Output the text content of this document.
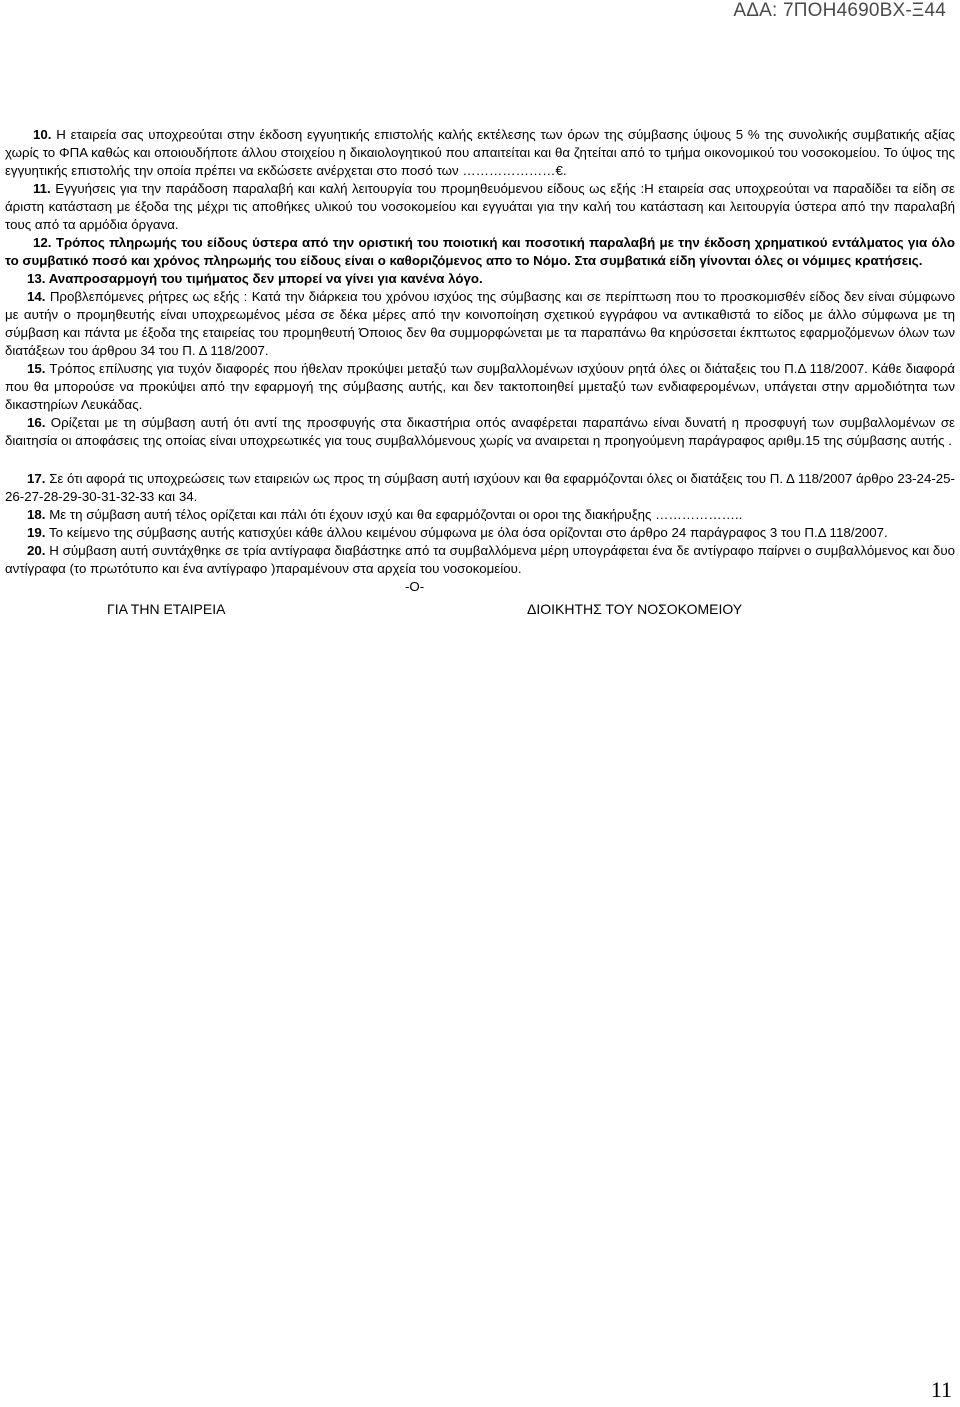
ΑΔΑ: 7ΠΟΗ4690ΒΧ-Ξ44

10. Η εταιρεία σας υποχρεούται στην έκδοση εγγυητικής επιστολής καλής εκτέλεσης των όρων της σύμβασης ύψους 5 % της συνολικής συμβατικής αξίας χωρίς το ΦΠΑ καθώς και οποιουδήποτε άλλου στοιχείου η δικαιολογητικού που απαιτείται και θα ζητείται από το τμήμα οικονομικού του νοσοκομείου. Το ύψος της εγγυητικής επιστολής την οποία πρέπει να εκδώσετε ανέρχεται στο ποσό των …………………€.

11. Εγγυήσεις για την παράδοση παραλαβή και καλή λειτουργία του προμηθευόμενου είδους ως εξής :Η εταιρεία σας υποχρεούται να παραδίδει τα είδη σε άριστη κατάσταση με έξοδα της μέχρι τις αποθήκες υλικού του νοσοκομείου και εγγυάται για την καλή του κατάσταση και λειτουργία ύστερα από την παραλαβή τους από τα αρμόδια όργανα.

12. Τρόπος πληρωμής του είδους ύστερα από την οριστική του ποιοτική και ποσοτική παραλαβή με την έκδοση χρηματικού εντάλματος για όλο το συμβατικό ποσό και χρόνος πληρωμής του είδους είναι ο καθοριζόμενος απο το Νόμο. Στα συμβατικά είδη γίνονται όλες οι νόμιμες κρατήσεις.

13. Αναπροσαρμογή του τιμήματος δεν μπορεί να γίνει για κανένα λόγο.

14. Προβλεπόμενες ρήτρες ως εξής : Κατά την διάρκεια του χρόνου ισχύος της σύμβασης και σε περίπτωση που το προσκομισθέν είδος δεν είναι σύμφωνο με αυτήν ο προμηθευτής είναι υποχρεωμένος μέσα σε δέκα μέρες από την κοινοποίηση σχετικού εγγράφου να αντικαθιστά το είδος με άλλο σύμφωνα με τη σύμβαση και πάντα με έξοδα της εταιρείας του προμηθευτή Όποιος δεν θα συμμορφώνεται με τα παραπάνω θα κηρύσσεται έκπτωτος εφαρμοζόμενων όλων των διατάξεων του άρθρου 34 του Π. Δ 118/2007.

15. Τρόπος επίλυσης για τυχόν διαφορές που ήθελαν προκύψει μεταξύ των συμβαλλομένων ισχύουν ρητά όλες οι διάταξεις του Π.Δ 118/2007. Κάθε διαφορά που θα μπορούσε να προκύψει από την εφαρμογή της σύμβασης αυτής, και δεν τακτοποιηθεί μμεταξύ των ενδιαφερομένων, υπάγεται στην αρμοδιότητα των δικαστηρίων Λευκάδας.

16. Ορίζεται με τη σύμβαση αυτή ότι αντί της προσφυγής στα δικαστήρια οπός αναφέρεται παραπάνω είναι δυνατή η προσφυγή των συμβαλλομένων σε διαιτησία οι αποφάσεις της οποίας είναι υποχρεωτικές για τους συμβαλλόμενους χωρίς να αναιρεται η προηγούμενη παράγραφος αριθμ.15 της σύμβασης αυτής .

17. Σε ότι αφορά τις υποχρεώσεις των εταιρειών ως προς τη σύμβαση αυτή ισχύουν και θα εφαρμόζονται όλες οι διατάξεις του Π. Δ 118/2007 άρθρο 23-24-25-26-27-28-29-30-31-32-33 και 34.

18. Με τη σύμβαση αυτή τέλος ορίζεται και πάλι ότι έχουν ισχύ και θα εφαρμόζονται οι οροι της διακήρυξης ………………..

19. Το κείμενο της σύμβασης αυτής κατισχύει κάθε άλλου κειμένου σύμφωνα με όλα όσα ορίζονται στο άρθρο 24 παράγραφος 3 του Π.Δ 118/2007.

20. Η σύμβαση αυτή συντάχθηκε σε τρία αντίγραφα διαβάστηκε από τα συμβαλλόμενα μέρη υπογράφεται ένα δε αντίγραφο παίρνει ο συμβαλλόμενος και δυο αντίγραφα (το πρωτότυπο και ένα αντίγραφο )παραμένουν στα αρχεία του νοσοκομείου.

-Ο-

ΓΙΑ ΤΗΝ ΕΤΑΙΡΕΙΑ	ΔΙΟΙΚΗΤΗΣ ΤΟΥ ΝΟΣΟΚΟΜΕΙΟΥ
11
